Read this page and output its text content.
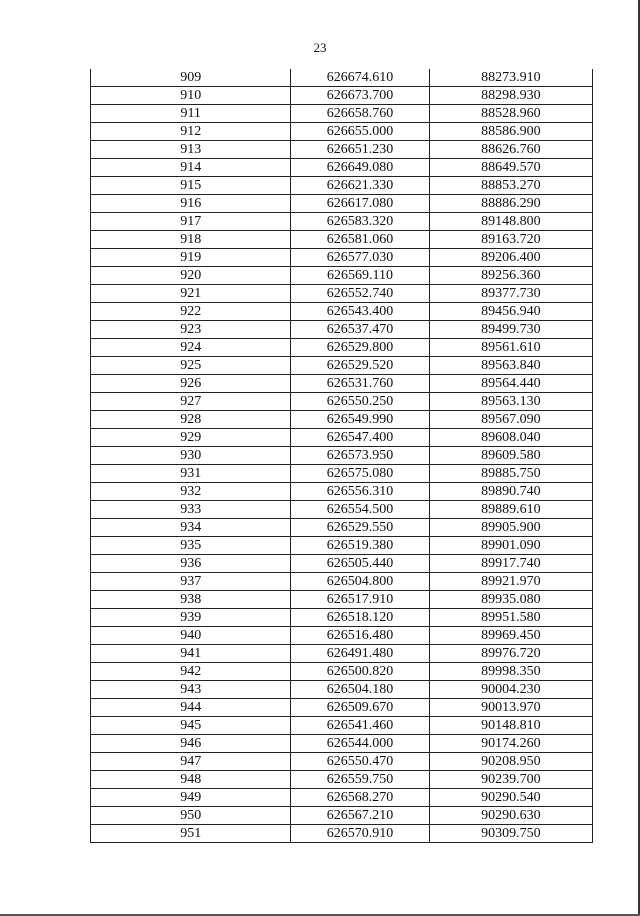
23
909	626674.610	88273.910
910	626673.700	88298.930
911	626658.760	88528.960
912	626655.000	88586.900
913	626651.230	88626.760
914	626649.080	88649.570
915	626621.330	88853.270
916	626617.080	88886.290
917	626583.320	89148.800
918	626581.060	89163.720
919	626577.030	89206.400
920	626569.110	89256.360
921	626552.740	89377.730
922	626543.400	89456.940
923	626537.470	89499.730
924	626529.800	89561.610
925	626529.520	89563.840
926	626531.760	89564.440
927	626550.250	89563.130
928	626549.990	89567.090
929	626547.400	89608.040
930	626573.950	89609.580
931	626575.080	89885.750
932	626556.310	89890.740
933	626554.500	89889.610
934	626529.550	89905.900
935	626519.380	89901.090
936	626505.440	89917.740
937	626504.800	89921.970
938	626517.910	89935.080
939	626518.120	89951.580
940	626516.480	89969.450
941	626491.480	89976.720
942	626500.820	89998.350
943	626504.180	90004.230
944	626509.670	90013.970
945	626541.460	90148.810
946	626544.000	90174.260
947	626550.470	90208.950
948	626559.750	90239.700
949	626568.270	90290.540
950	626567.210	90290.630
951	626570.910	90309.750
